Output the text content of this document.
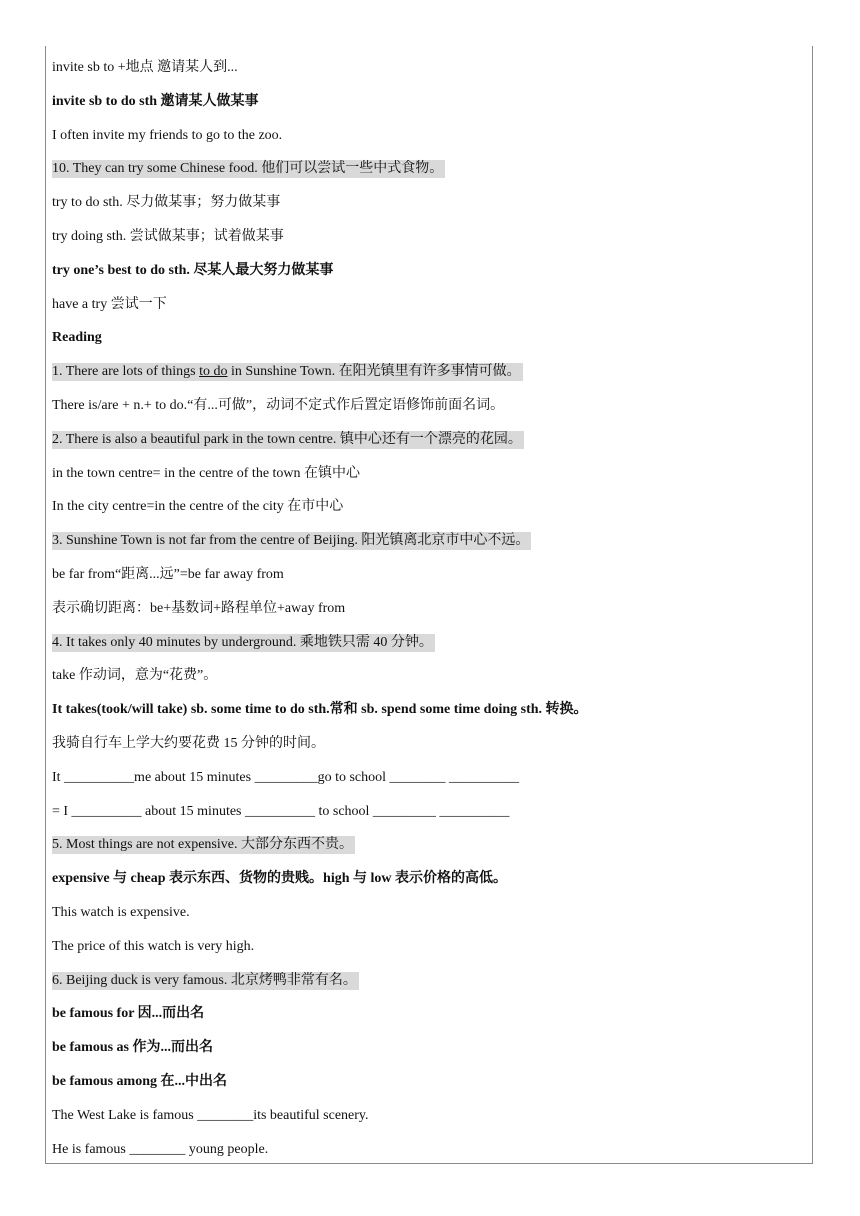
invite sb to +地点 邀请某人到...
invite sb to do sth 邀请某人做某事
I often invite my friends to go to the zoo.
10. They can try some Chinese food. 他们可以尝试一些中式食物。
try to do sth. 尽力做某事；努力做某事
try doing sth. 尝试做某事；试着做某事
try one’s best to do sth. 尽某人最大努力做某事
have a try 尝试一下
Reading
1. There are lots of things to do in Sunshine Town. 在阳光镇里有许多事情可做。
There is/are + n.+ to do.“有...可做”，动词不定式作后置定语修饰前面名词。
2. There is also a beautiful park in the town centre. 镇中心还有一个漂亮的花园。
in the town centre= in the centre of the town 在镇中心
In the city centre=in the centre of the city 在市中心
3. Sunshine Town is not far from the centre of Beijing. 阳光镇离北京市中心不远。
be far from“距离...远”=be far away from
表示确切距离：be+基数词+路程单位+away from
4. It takes only 40 minutes by underground. 乘地铁只需 40 分钟。
take 作动词，意为“花费”。
It takes(took/will take) sb. some time to do sth.常和 sb. spend some time doing sth. 转换。
我骑自行车上学大约要花费 15 分钟的时间。
It __________me about 15 minutes _________go to school ________ __________
= I __________ about 15 minutes __________ to school _________ __________
5. Most things are not expensive. 大部分东西不贵。
expensive 与 cheap 表示东西、货物的贵贱。high 与 low 表示价格的高低。
This watch is expensive.
The price of this watch is very high.
6. Beijing duck is very famous. 北京烤鸭非常有名。
be famous for 因...而出名
be famous as 作为...而出名
be famous among 在...中出名
The West Lake is famous ________its beautiful scenery.
He is famous ________ young people.
